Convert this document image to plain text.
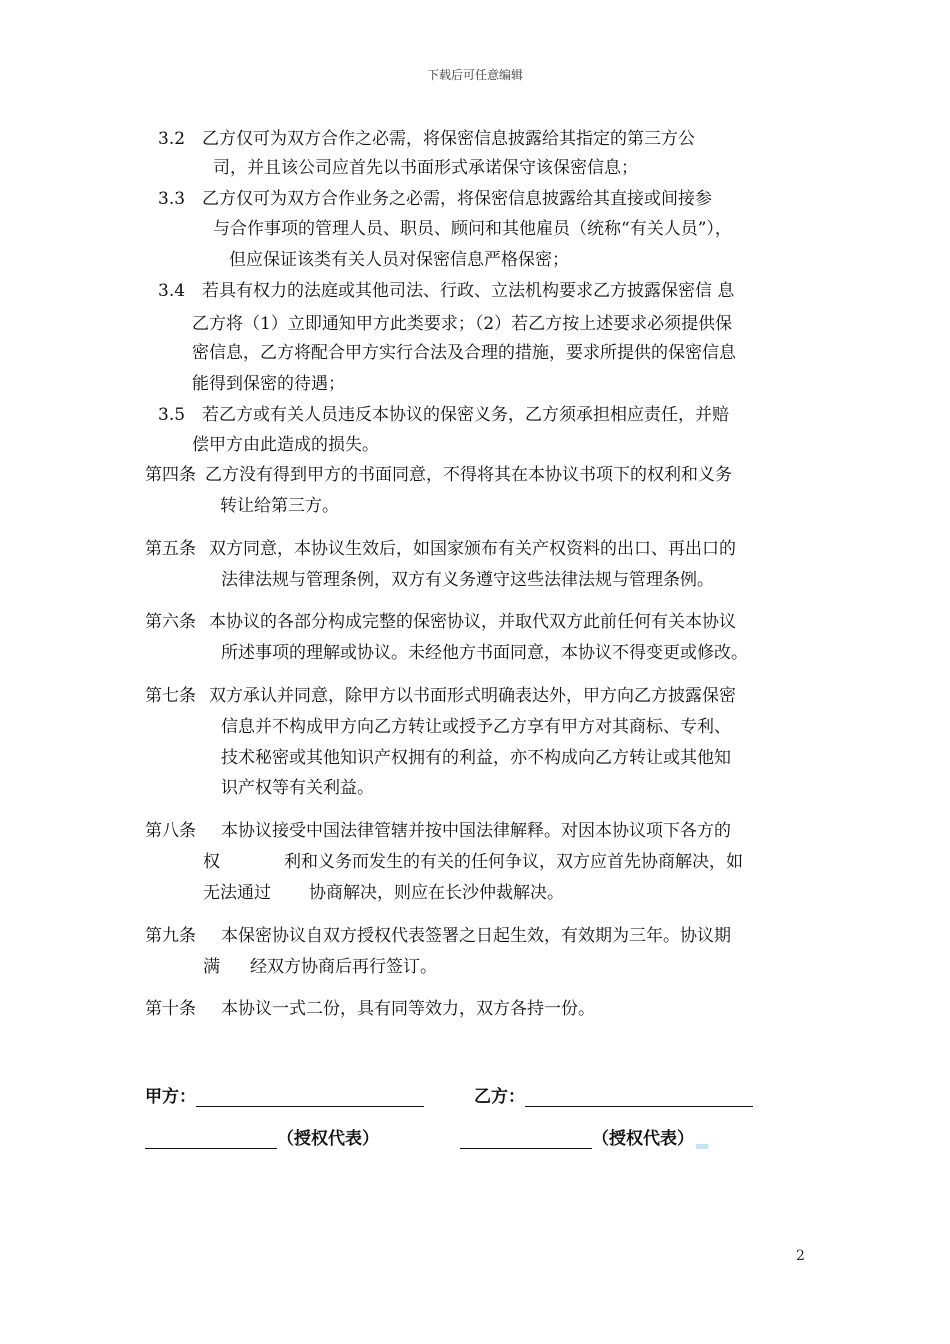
下载后可任意编辑
3.2 乙方仅可为双方合作之必需，将保密信息披露给其指定的第三方公
司，并且该公司应首先以书面形式承诺保守该保密信息；
3.3 乙方仅可为双方合作业务之必需，将保密信息披露给其直接或间接参
与合作事项的管理人员、职员、顾问和其他雇员（统称“有关人员”），
但应保证该类有关人员对保密信息严格保密；
3.4 若具有权力的法庭或其他司法、行政、立法机构要求乙方披露保密信 息
乙方将（1）立即通知甲方此类要求；（2）若乙方按上述要求必须提供保
密信息，乙方将配合甲方实行合法及合理的措施，要求所提供的保密信息
能得到保密的待遇；
3.5 若乙方或有关人员违反本协议的保密义务，乙方须承担相应责任，并赔
偿甲方由此造成的损失。
第四条 乙方没有得到甲方的书面同意，不得将其在本协议书项下的权利和义务
转让给第三方。
第五条 双方同意，本协议生效后，如国家颁布有关产权资料的出口、再出口的
法律法规与管理条例，双方有义务遵守这些法律法规与管理条例。
第六条 本协议的各部分构成完整的保密协议，并取代双方此前任何有关本协议
所述事项的理解或协议。未经他方书面同意，本协议不得变更或修改。
第七条 双方承认并同意，除甲方以书面形式明确表达外，甲方向乙方披露保密
信息并不构成甲方向乙方转让或授予乙方享有甲方对其商标、专利、
技术秘密或其他知识产权拥有的利益，亦不构成向乙方转让或其他知
识产权等有关利益。
第八条 本协议接受中国法律管辖并按中国法律解释。对因本协议项下各方的
权	利和义务而发生的有关的任何争议，双方应首先协商解决，如
无法通过 协商解决，则应在长沙仲裁解决。
第九条 本保密协议自双方授权代表签署之日起生效，有效期为三年。协议期
满 经双方协商后再行签订。
第十条 本协议一式二份，具有同等效力，双方各持一份。
甲方：	乙方：
（授权代表）	（授权代表）
2
